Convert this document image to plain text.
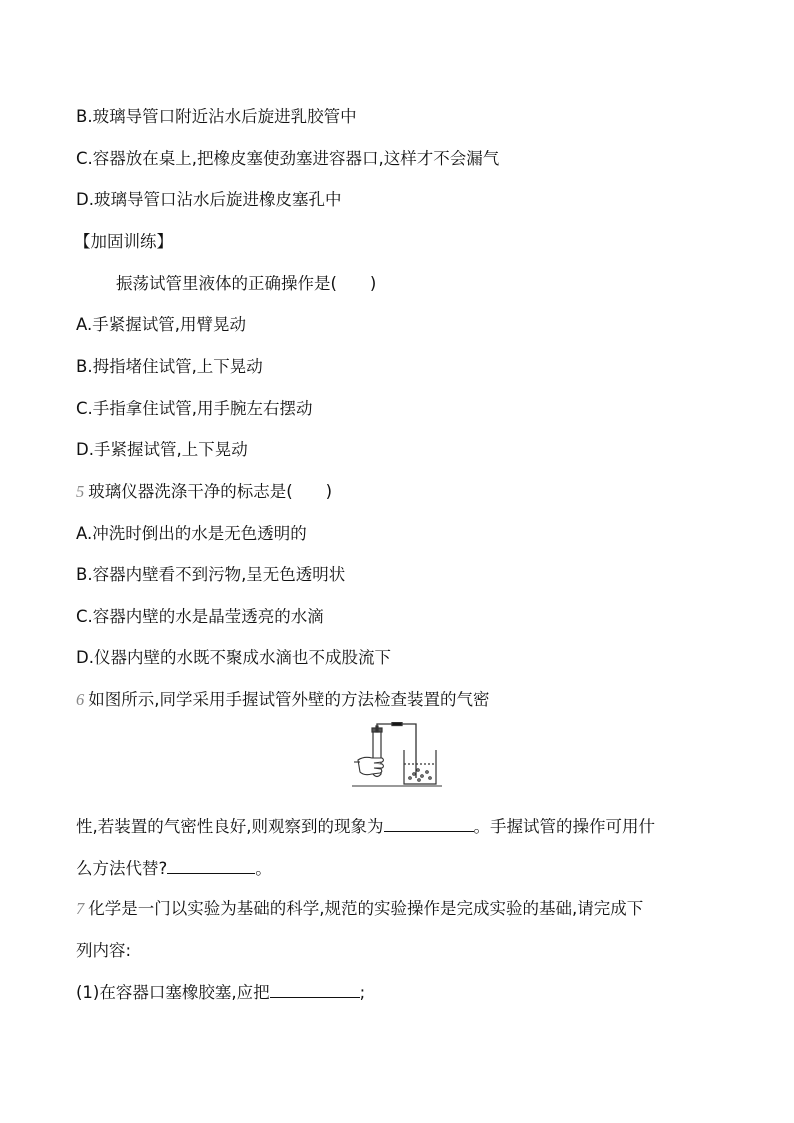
B.玻璃导管口附近沾水后旋进乳胶管中
C.容器放在桌上,把橡皮塞使劲塞进容器口,这样才不会漏气
D.玻璃导管口沾水后旋进橡皮塞孔中
【加固训练】
振荡试管里液体的正确操作是(　　)
A.手紧握试管,用臂晃动
B.拇指堵住试管,上下晃动
C.手指拿住试管,用手腕左右摆动
D.手紧握试管,上下晃动
5 玻璃仪器洗涤干净的标志是(　　)
A.冲洗时倒出的水是无色透明的
B.容器内壁看不到污物,呈无色透明状
C.容器内壁的水是晶莹透亮的水滴
D.仪器内壁的水既不聚成水滴也不成股流下
6 如图所示,同学采用手握试管外壁的方法检查装置的气密
性,若装置的气密性良好,则观察到的现象为	。手握试管的操作可用什
么方法代替?	。
7 化学是一门以实验为基础的科学,规范的实验操作是完成实验的基础,请完成下
列内容:
(1)在容器口塞橡胶塞,应把	;
